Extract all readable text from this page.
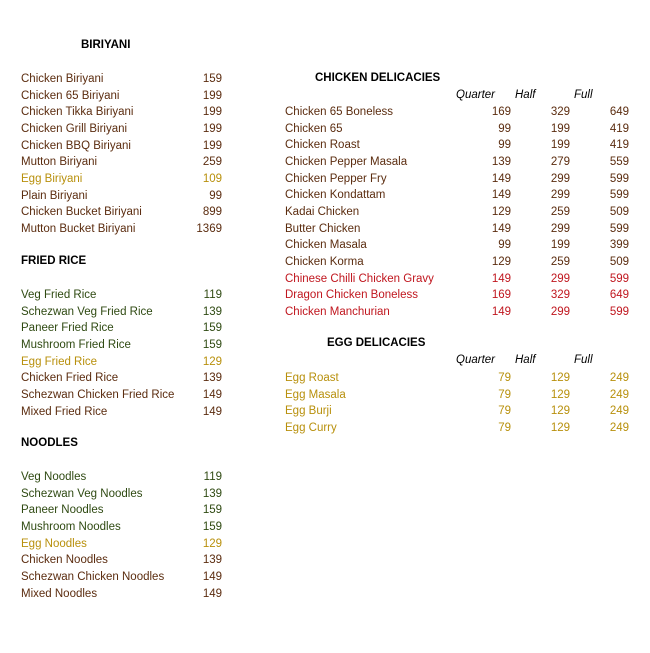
BIRIYANI
Chicken Biriyani	159
Chicken 65 Biriyani	199
Chicken Tikka Biriyani	199
Chicken Grill Biriyani	199
Chicken BBQ Biriyani	199
Mutton Biriyani	259
Egg Biriyani	109
Plain Biriyani	99
Chicken Bucket Biriyani	899
Mutton Bucket Biriyani	1369
FRIED RICE
Veg Fried Rice	119
Schezwan Veg Fried Rice	139
Paneer Fried Rice	159
Mushroom Fried Rice	159
Egg Fried Rice	129
Chicken Fried Rice	139
Schezwan Chicken Fried Rice 149
Mixed Fried Rice	149
NOODLES
Veg Noodles	119
Schezwan Veg Noodles	139
Paneer Noodles	159
Mushroom Noodles	159
Egg Noodles	129
Chicken Noodles	139
Schezwan Chicken Noodles	149
Mixed Noodles	149
CHICKEN DELICACIES
Quarter Half	Full
Chicken 65 Boneless	169	329	649
Chicken 65	99	199	419
Chicken Roast	99	199	419
Chicken Pepper Masala	139	279	559
Chicken Pepper Fry	149	299	599
Chicken Kondattam	149	299	599
Kadai Chicken	129	259	509
Butter Chicken	149	299	599
Chicken Masala	99	199	399
Chicken Korma	129	259	509
Chinese Chilli Chicken Gravy	149	299	599
Dragon Chicken Boneless	169	329	649
Chicken Manchurian	149	299	599
EGG DELICACIES
Quarter Half	Full
Egg Roast	79	129	249
Egg Masala	79	129	249
Egg Burji	79	129	249
Egg Curry	79	129	249
